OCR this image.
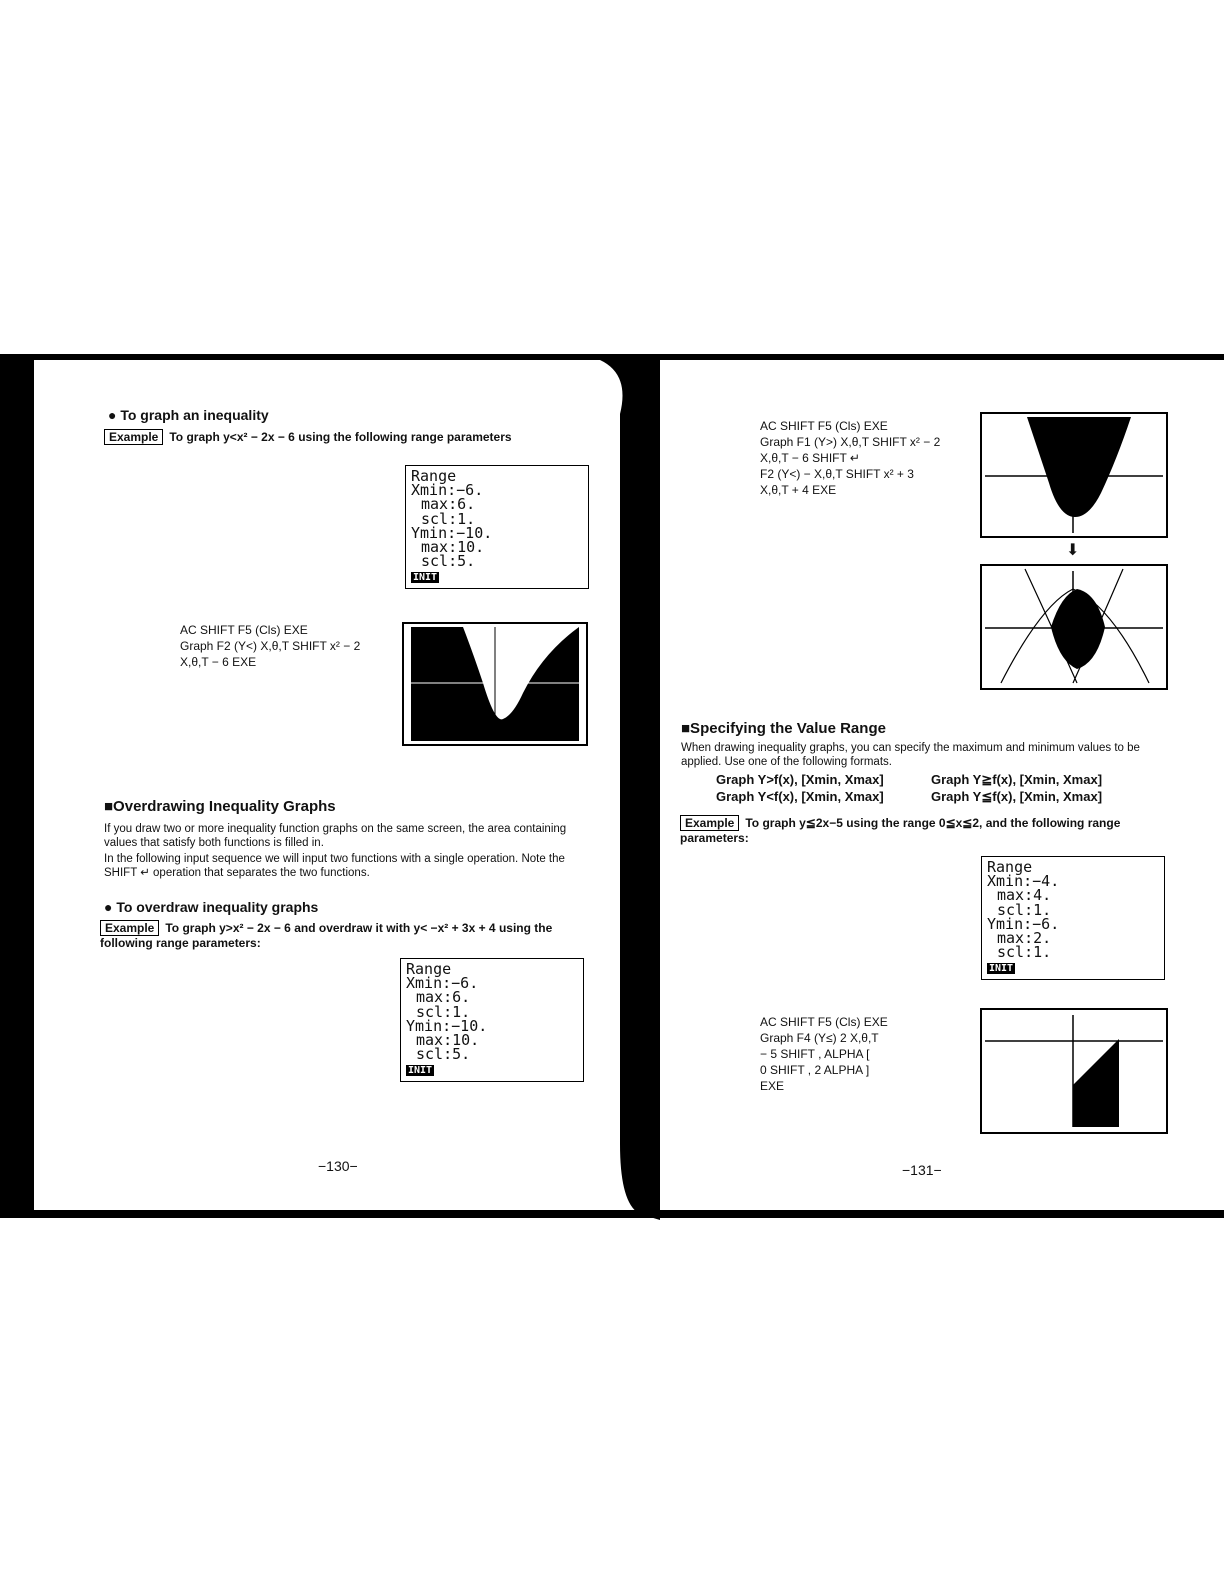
● To graph an inequality
Example To graph y<x² − 2x − 6 using the following range parameters
Range
Xmin:−6.
max:6.
scl:1.
Ymin:−10.
max:10.
scl:5.
INIT
AC SHIFT F5 (Cls) EXE
Graph F2 (Y<) X,θ,T SHIFT x² − 2
X,θ,T − 6 EXE
■Overdrawing Inequality Graphs
If you draw two or more inequality function graphs on the same screen, the area containing values that satisfy both functions is filled in.
In the following input sequence we will input two functions with a single operation. Note the SHIFT ↵ operation that separates the two functions.
● To overdraw inequality graphs
Example To graph y>x² − 2x − 6 and overdraw it with y< −x² + 3x + 4 using the following range parameters:
Range
Xmin:−6.
max:6.
scl:1.
Ymin:−10.
max:10.
scl:5.
INIT
−130−
AC SHIFT F5 (Cls) EXE
Graph F1 (Y>) X,θ,T SHIFT x² − 2
X,θ,T − 6 SHIFT ↵
F2 (Y<) − X,θ,T SHIFT x² + 3
X,θ,T + 4 EXE
⬇
■Specifying the Value Range
When drawing inequality graphs, you can specify the maximum and minimum values to be applied. Use one of the following formats.
Graph Y>f(x), [Xmin, Xmax]	Graph Y≧f(x), [Xmin, Xmax]
Graph Y<f(x), [Xmin, Xmax]	Graph Y≦f(x), [Xmin, Xmax]
Example To graph y≦2x−5 using the range 0≦x≦2, and the following range parameters:
Range
Xmin:−4.
max:4.
scl:1.
Ymin:−6.
max:2.
scl:1.
INIT
AC SHIFT F5 (Cls) EXE
Graph F4 (Y≤) 2 X,θ,T
− 5 SHIFT , ALPHA [
0 SHIFT , 2 ALPHA ]
EXE
−131−
